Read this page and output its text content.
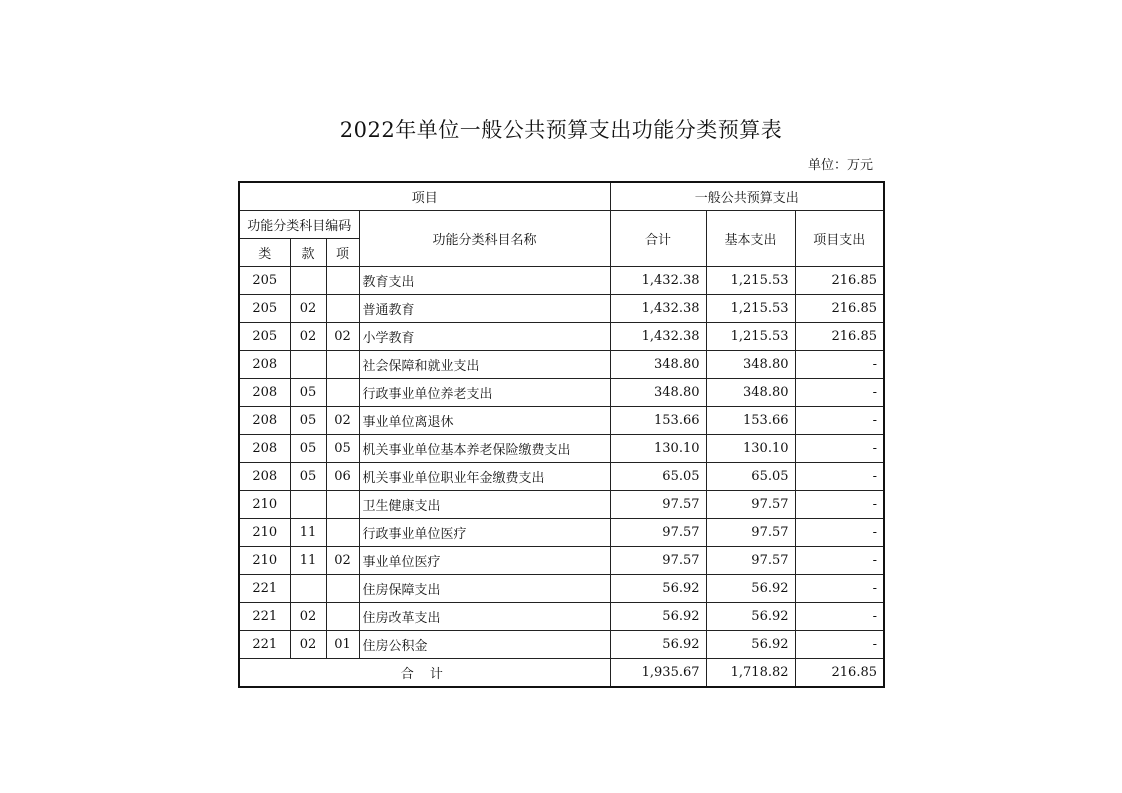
2022年单位一般公共预算支出功能分类预算表
单位：万元
项目				一般公共预算支出		
功能分类科目编码			功能分类科目名称	合计	基本支出	项目支出
类	款	项				
205			教育支出	1,432.38	1,215.53	216.85
205	02		普通教育	1,432.38	1,215.53	216.85
205	02	02	小学教育	1,432.38	1,215.53	216.85
208			社会保障和就业支出	348.80	348.80	-
208	05		行政事业单位养老支出	348.80	348.80	-
208	05	02	事业单位离退休	153.66	153.66	-
208	05	05	机关事业单位基本养老保险缴费支出	130.10	130.10	-
208	05	06	机关事业单位职业年金缴费支出	65.05	65.05	-
210			卫生健康支出	97.57	97.57	-
210	11		行政事业单位医疗	97.57	97.57	-
210	11	02	事业单位医疗	97.57	97.57	-
221			住房保障支出	56.92	56.92	-
221	02		住房改革支出	56.92	56.92	-
221	02	01	住房公积金	56.92	56.92	-
合 计				1,935.67	1,718.82	216.85
